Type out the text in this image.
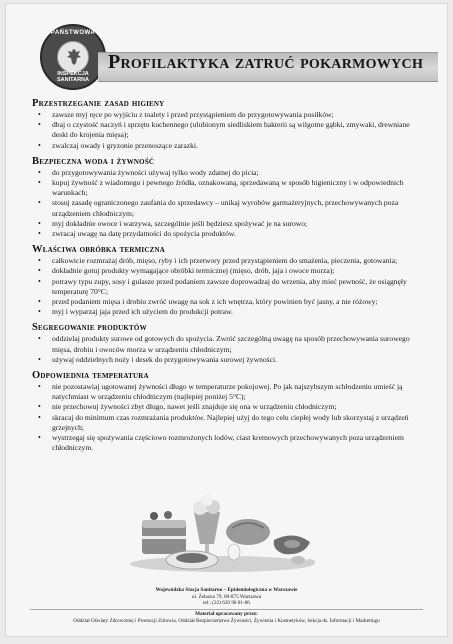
PAŃSTWOWA
INSPEKCJA SANITARNA
Profilaktyka zatruć pokarmowych
Przestrzeganie zasad higieny
• zawsze myj ręce po wyjściu z toalety i przed przystąpieniem do przygotowywania posiłków;
• dbaj o czystość naczyń i sprzętu kuchennego (ulubionym siedliskiem bakterii są wilgotne gąbki, zmywaki, drewniane deski do krojenia mięsa);
• zwalczaj owady i gryzonie przenoszące zarazki.
Bezpieczna woda i żywność
• do przygotowywania żywności używaj tylko wody zdatnej do picia;
• kupuj żywność z wiadomego i pewnego źródła, oznakowaną, sprzedawaną w sposób higieniczny i w odpowiednich warunkach;
• stosuj zasadę ograniczonego zaufania do sprzedawcy – unikaj wyrobów garmażeryjnych, przechowywanych poza urządzeniem chłodniczym;
• myj dokładnie owoce i warzywa, szczególnie jeśli będziesz spożywać je na surowo;
• zwracaj uwagę na datę przydatności do spożycia produktów.
Właściwa obróbka termiczna
• całkowicie rozmrażaj drób, mięso, ryby i ich przetwory przed przystąpieniem do smażenia, pieczenia, gotowania;
• dokładnie gotuj produkty wymagające obróbki termicznej (mięso, drób, jaja i owoce morza);
• potrawy typu zupy, sosy i gulasze przed podaniem zawsze doprowadzaj do wrzenia, aby mieć pewność, że osiągnęły temperaturę 70°C;
• przed podaniem mięsa i drobiu zwróć uwagę na sok z ich wnętrza, który powinien być jasny, a nie różowy;
• myj i wyparzaj jaja przed ich użyciem do produkcji potraw.
Segregowanie produktów
• oddzielaj produkty surowe od gotowych do spożycia. Zwróć szczególną uwagę na sposób przechowywania surowego mięsa, drobiu i owoców morza w urządzeniu chłodniczym;
• używaj oddzielnych noży i desek do przygotowywania surowej żywności.
Odpowiednia temperatura
• nie pozostawiaj ugotowanej żywności długo w temperaturze pokojowej. Po jak najszybszym schłodzeniu umieść ją natychmiast w urządzeniu chłodniczym (najlepiej poniżej 5°C);
• nie przechowuj żywności zbyt długo, nawet jeśli znajduje się ona w urządzeniu chłodniczym;
• skracaj do minimum czas rozmrażania produktów. Najlepiej użyj do tego celu ciepłej wody lub skorzystaj z urządzeń grzejnych;
• wystrzegaj się spożywania częściowo rozmrożonych lodów, ciast kremowych przechowywanych poza urządzeniem chłodniczym.
Wojewódzka Stacja Sanitarno – Epidemiologiczna w Warszawie
ul. Żelazna 79, 00-875 Warszawa
tel.: (22) 620 90 01-06
Materiał opracowany przez:
Oddział Oświaty Zdrowotnej i Promocji Zdrowia, Oddział Bezpieczeństwa Żywności, Żywienia i Kosmetyków, Sekcja ds. Informacji i Marketingu
